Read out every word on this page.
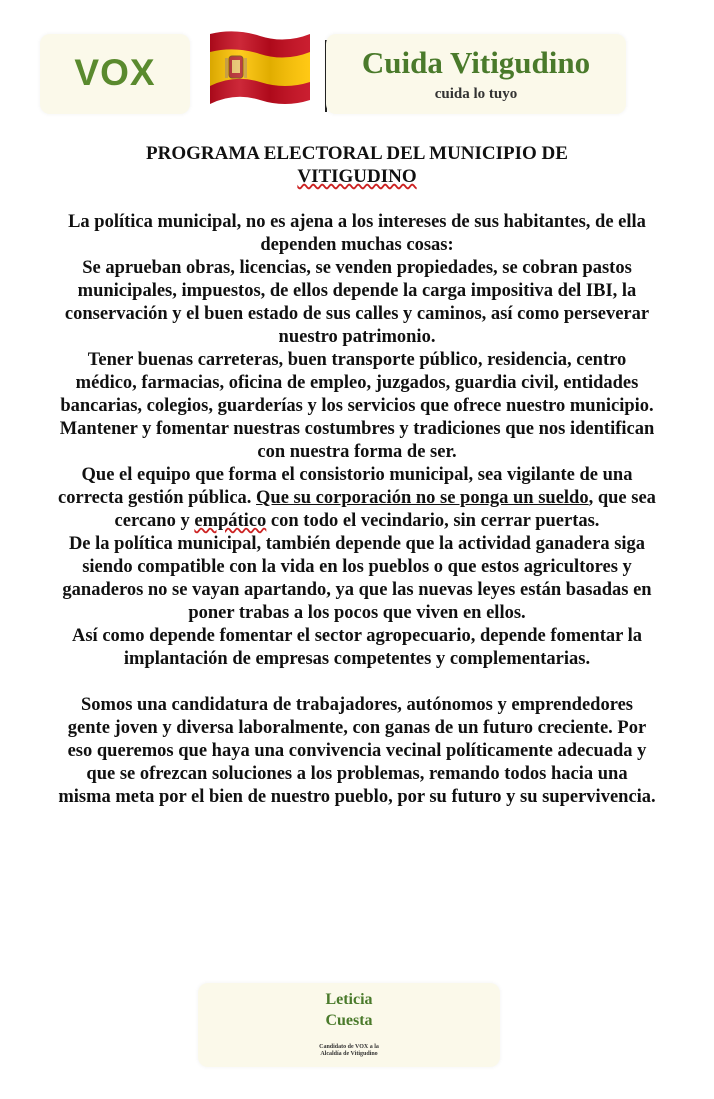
VOX	Cuida Vitigudino
cuida lo tuyo
PROGRAMA ELECTORAL DEL MUNICIPIO DE
VITIGUDINO

La política municipal, no es ajena a los intereses de sus habitantes, de ella dependen muchas cosas:

Se aprueban obras, licencias, se venden propiedades, se cobran pastos municipales, impuestos, de ellos depende la carga impositiva del IBI, la conservación y el buen estado de sus calles y caminos, así como perseverar nuestro patrimonio.

Tener buenas carreteras, buen transporte público, residencia, centro médico, farmacias, oficina de empleo, juzgados, guardia civil, entidades bancarias, colegios, guarderías y los servicios que ofrece nuestro municipio.

Mantener y fomentar nuestras costumbres y tradiciones que nos identifican con nuestra forma de ser.

Que el equipo que forma el consistorio municipal, sea vigilante de una correcta gestión pública. Que su corporación no se ponga un sueldo, que sea cercano y empático con todo el vecindario, sin cerrar puertas.

De la política municipal, también depende que la actividad ganadera siga siendo compatible con la vida en los pueblos o que estos agricultores y ganaderos no se vayan apartando, ya que las nuevas leyes están basadas en poner trabas a los pocos que viven en ellos.

Así como depende fomentar el sector agropecuario, depende fomentar la implantación de empresas competentes y complementarias.

Somos una candidatura de trabajadores, autónomos y emprendedores gente joven y diversa laboralmente, con ganas de un futuro creciente. Por eso queremos que haya una convivencia vecinal políticamente adecuada y que se ofrezcan soluciones a los problemas, remando todos hacia una misma meta por el bien de nuestro pueblo, por su futuro y su supervivencia.

Leticia
Cuesta
Candidato de VOX a la
Alcaldía de Vitigudino
